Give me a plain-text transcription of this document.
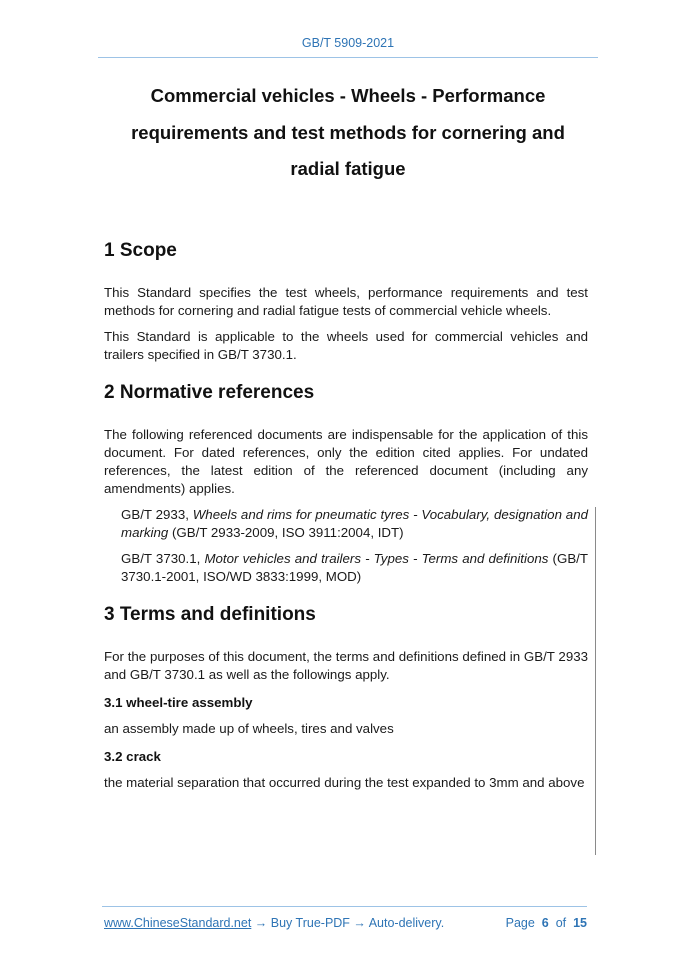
GB/T 5909-2021
Commercial vehicles - Wheels - Performance
requirements and test methods for cornering and
radial fatigue
1 Scope

This Standard specifies the test wheels, performance requirements and test methods for cornering and radial fatigue tests of commercial vehicle wheels.

This Standard is applicable to the wheels used for commercial vehicles and trailers specified in GB/T 3730.1.

2 Normative references

The following referenced documents are indispensable for the application of this document. For dated references, only the edition cited applies. For undated references, the latest edition of the referenced document (including any amendments) applies.

GB/T 2933, Wheels and rims for pneumatic tyres - Vocabulary, designation and marking (GB/T 2933-2009, ISO 3911:2004, IDT)

GB/T 3730.1, Motor vehicles and trailers - Types - Terms and definitions (GB/T 3730.1-2001, ISO/WD 3833:1999, MOD)

3 Terms and definitions

For the purposes of this document, the terms and definitions defined in GB/T 2933 and GB/T 3730.1 as well as the followings apply.

3.1 wheel-tire assembly

an assembly made up of wheels, tires and valves

3.2 crack

the material separation that occurred during the test expanded to 3mm and above

www.ChineseStandard.net → Buy True-PDF → Auto-delivery.	Page 6 of 15
